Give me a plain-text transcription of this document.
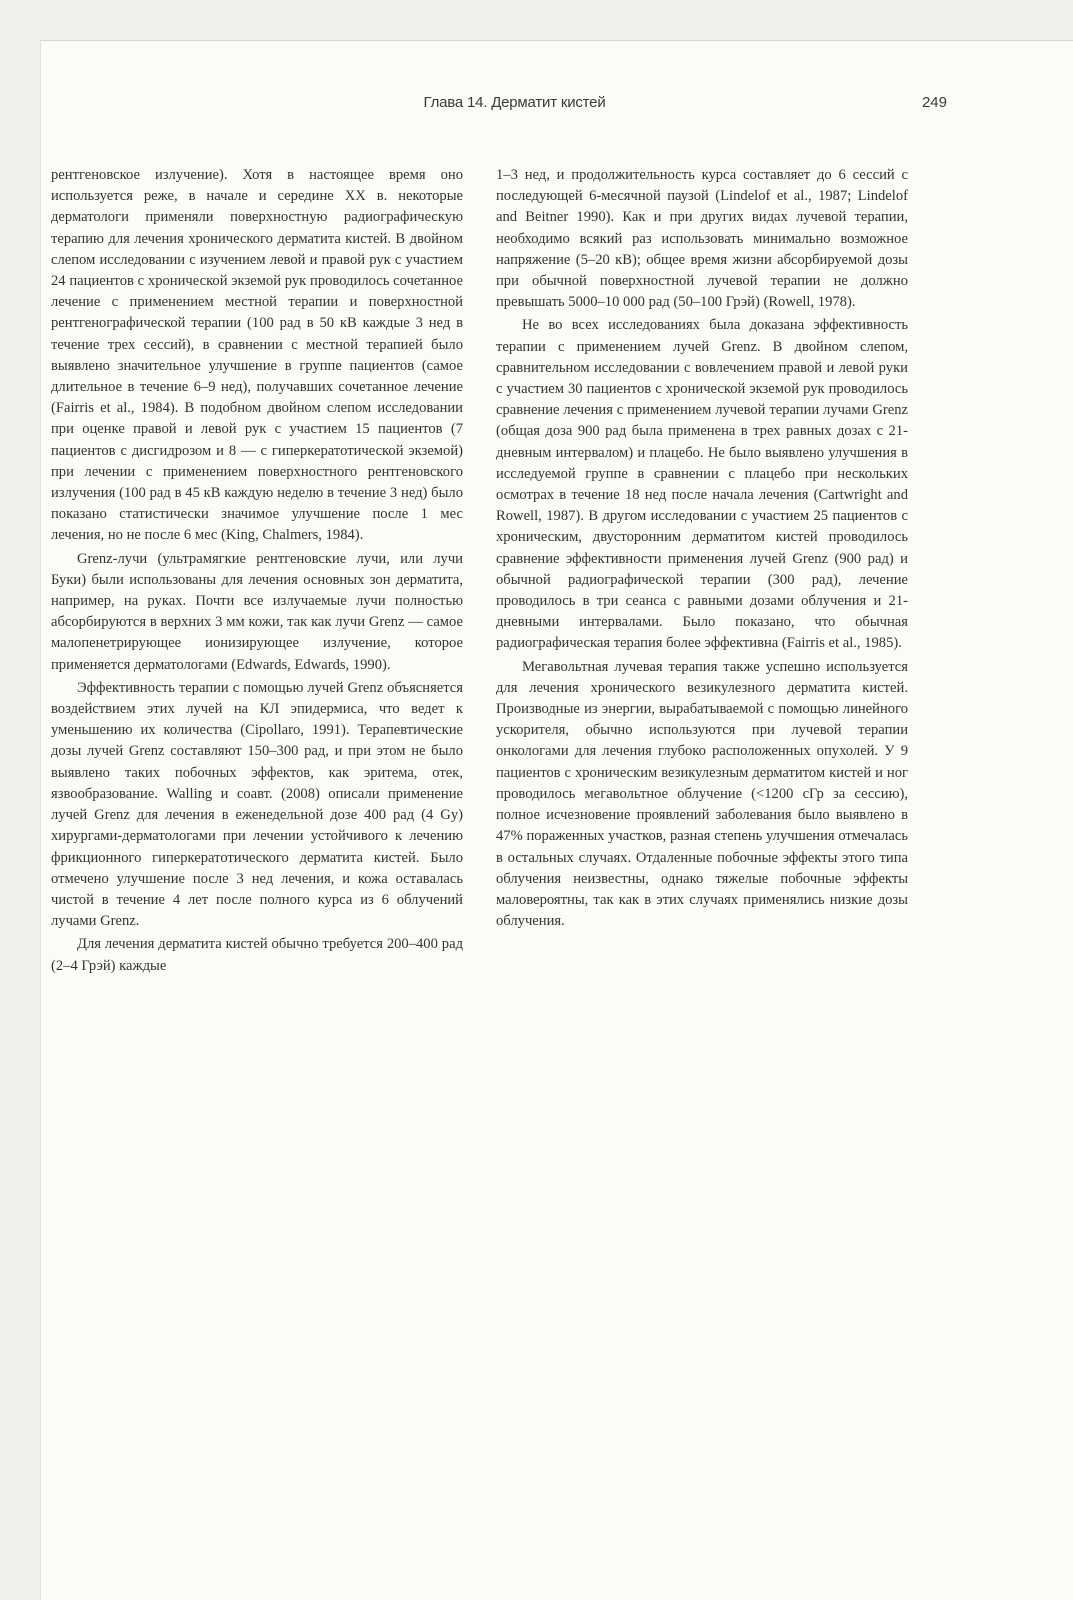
Глава 14. Дерматит кистей	249

рентгеновское излучение). Хотя в настоящее время оно используется реже, в начале и середине XX в. некоторые дерматологи применяли поверхностную радиографическую терапию для лечения хронического дерматита кистей. В двойном слепом исследовании с изучением левой и правой рук с участием 24 пациентов с хронической экземой рук проводилось сочетанное лечение с применением местной терапии и поверхностной рентгенографической терапии (100 рад в 50 кВ каждые 3 нед в течение трех сессий), в сравнении с местной терапией было выявлено значительное улучшение в группе пациентов (самое длительное в течение 6–9 нед), получавших сочетанное лечение (Fairris et al., 1984). В подобном двойном слепом исследовании при оценке правой и левой рук с участием 15 пациентов (7 пациентов с дисгидрозом и 8 — с гиперкератотической экземой) при лечении с применением поверхностного рентгеновского излучения (100 рад в 45 кВ каждую неделю в течение 3 нед) было показано статистически значимое улучшение после 1 мес лечения, но не после 6 мес (King, Chalmers, 1984).

Grenz-лучи (ультрамягкие рентгеновские лучи, или лучи Буки) были использованы для лечения основных зон дерматита, например, на руках. Почти все излучаемые лучи полностью абсорбируются в верхних 3 мм кожи, так как лучи Grenz — самое малопенетрирующее ионизирующее излучение, которое применяется дерматологами (Edwards, Edwards, 1990).

Эффективность терапии с помощью лучей Grenz объясняется воздействием этих лучей на КЛ эпидермиса, что ведет к уменьшению их количества (Cipollaro, 1991). Терапевтические дозы лучей Grenz составляют 150–300 рад, и при этом не было выявлено таких побочных эффектов, как эритема, отек, язвообразование. Walling и соавт. (2008) описали применение лучей Grenz для лечения в еженедельной дозе 400 рад (4 Gy) хирургами-дерматологами при лечении устойчивого к лечению фрикционного гиперкератотического дерматита кистей. Было отмечено улучшение после 3 нед лечения, и кожа оставалась чистой в течение 4 лет после полного курса из 6 облучений лучами Grenz.

Для лечения дерматита кистей обычно требуется 200–400 рад (2–4 Грэй) каждые

1–3 нед, и продолжительность курса составляет до 6 сессий с последующей 6-месячной паузой (Lindelof et al., 1987; Lindelof and Beitner 1990). Как и при других видах лучевой терапии, необходимо всякий раз использовать минимально возможное напряжение (5–20 кВ); общее время жизни абсорбируемой дозы при обычной поверхностной лучевой терапии не должно превышать 5000–10 000 рад (50–100 Грэй) (Rowell, 1978).

Не во всех исследованиях была доказана эффективность терапии с применением лучей Grenz. В двойном слепом, сравнительном исследовании с вовлечением правой и левой руки с участием 30 пациентов с хронической экземой рук проводилось сравнение лечения с применением лучевой терапии лучами Grenz (общая доза 900 рад была применена в трех равных дозах с 21-дневным интервалом) и плацебо. Не было выявлено улучшения в исследуемой группе в сравнении с плацебо при нескольких осмотрах в течение 18 нед после начала лечения (Cartwright and Rowell, 1987). В другом исследовании с участием 25 пациентов с хроническим, двусторонним дерматитом кистей проводилось сравнение эффективности применения лучей Grenz (900 рад) и обычной радиографической терапии (300 рад), лечение проводилось в три сеанса с равными дозами облучения и 21-дневными интервалами. Было показано, что обычная радиографическая терапия более эффективна (Fairris et al., 1985).

Мегавольтная лучевая терапия также успешно используется для лечения хронического везикулезного дерматита кистей. Производные из энергии, вырабатываемой с помощью линейного ускорителя, обычно используются при лучевой терапии онкологами для лечения глубоко расположенных опухолей. У 9 пациентов с хроническим везикулезным дерматитом кистей и ног проводилось мегавольтное облучение (<1200 сГр за сессию), полное исчезновение проявлений заболевания было выявлено в 47% пораженных участков, разная степень улучшения отмечалась в остальных случаях. Отдаленные побочные эффекты этого типа облучения неизвестны, однако тяжелые побочные эффекты маловероятны, так как в этих случаях применялись низкие дозы облучения.
